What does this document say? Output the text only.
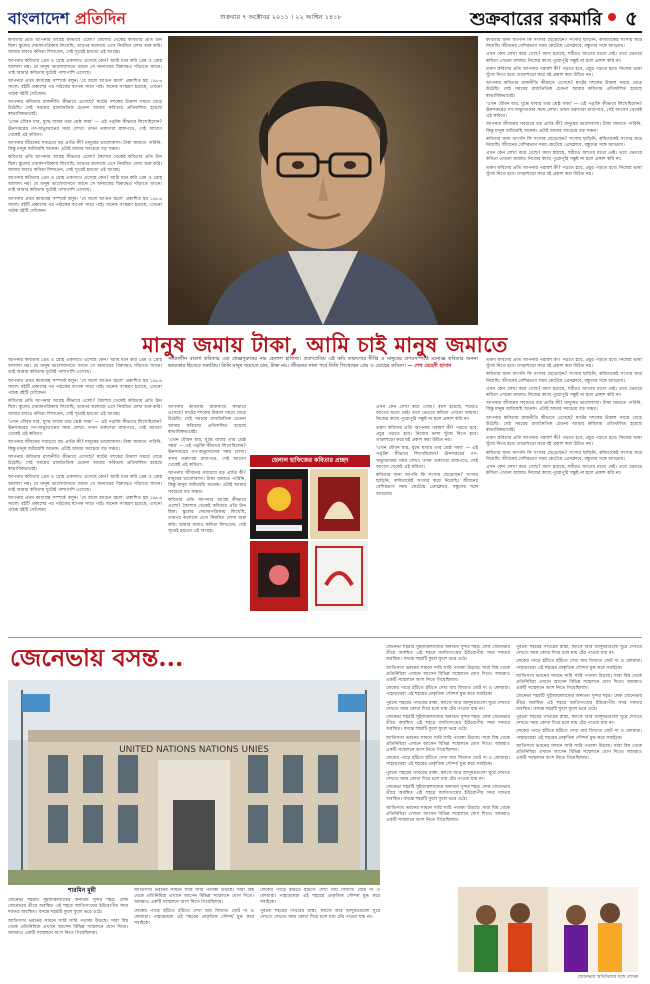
বাংলাদেশ প্রতিদিন	শুক্রবার ৭ অক্টোবর ২০১১ । ২২ আশ্বিন ১৪১৮	শুক্রবারের রকমারি ৫

কবিতার প্রতি আপনার আগ্রহ কীভাবে এলো? কৈশোর থেকেই কবিতার প্রতি টান ছিল। স্কুলের দেয়ালপত্রিকায় লিখেছি, তারপর কলেজে এসে নিয়মিত লেখা শুরু করি। আমার বাবাও কবিতা লিখতেন, সেই সূত্রেই হয়তো এই আগ্রহ।

আপনার কবিতায় প্রেম ও দ্রোহ একসাথে এসেছে কেন? আমি মনে করি প্রেম ও দ্রোহ আলাদা নয়। যে মানুষ ভালোবাসতে জানে সে অন্যায়ের বিরুদ্ধেও দাঁড়াতে জানে। তাই আমার কবিতায় দুটোই পাশাপাশি এসেছে।

আপনার প্রথম কাব্যগ্রন্থ সম্পর্কে বলুন। 'যে জলে আগুন জ্বলে' প্রকাশিত হয় ১৯৮৬ সালে। বইটি প্রকাশের পর পাঠকের ব্যাপক সাড়া পাই। অনেক সংস্করণ হয়েছে, এখনো পাঠক বইটি খোঁজেন।

আপনার কবিতায় রাজনীতি কীভাবে এসেছে? ষাটের দশকের উত্তাল সময়ে বেড়ে উঠেছি। সেই সময়ের রাজনৈতিক চেতনা আমার কবিতায় প্রতিফলিত হয়েছে স্বাভাবিকভাবেই।

'এখন যৌবন যার, যুদ্ধে যাবার তার শ্রেষ্ঠ সময়' — এই পঙ্‌ক্তি কীভাবে লিখেছিলেন? ঊনসত্তরের গণ-অভ্যুত্থানের সময় লেখা। তখন তরুণেরা রাজপথে, সেই আবেগ থেকেই এই কবিতা।

আপনার জীবনের সবচেয়ে বড় প্রাপ্তি কী? মানুষের ভালোবাসা। টাকা জমাতে পারিনি, কিন্তু মানুষ জমিয়েছি অনেক। এটাই আমার সবচেয়ে বড় সঞ্চয়।

কবিতার প্রতি আপনার আগ্রহ কীভাবে এলো? কৈশোর থেকেই কবিতার প্রতি টান ছিল। স্কুলের দেয়ালপত্রিকায় লিখেছি, তারপর কলেজে এসে নিয়মিত লেখা শুরু করি। আমার বাবাও কবিতা লিখতেন, সেই সূত্রেই হয়তো এই আগ্রহ।

আপনার কবিতায় প্রেম ও দ্রোহ একসাথে এসেছে কেন? আমি মনে করি প্রেম ও দ্রোহ আলাদা নয়। যে মানুষ ভালোবাসতে জানে সে অন্যায়ের বিরুদ্ধেও দাঁড়াতে জানে। তাই আমার কবিতায় দুটোই পাশাপাশি এসেছে।

আপনার প্রথম কাব্যগ্রন্থ সম্পর্কে বলুন। 'যে জলে আগুন জ্বলে' প্রকাশিত হয় ১৯৮৬ সালে। বইটি প্রকাশের পর পাঠকের ব্যাপক সাড়া পাই। অনেক সংস্করণ হয়েছে, এখনো পাঠক বইটি খোঁজেন।

কবিতার জন্য আপনি কি সংসার ছেড়েছেন? সংসার ছাড়িনি, কবিতাকেই সংসার করে নিয়েছি। জীবনের বেশিরভাগ সময় কেটেছে প্রেসক্লাবে, বন্ধুদের সঙ্গে আড্ডায়।

এখন কেন লেখা কমে গেছে? বয়স হয়েছে, শরীরও আগের মতো নেই। তবে ভেতরে কবিতা এখনো জন্মায়। নিজের কাছে পুরোপুরি সন্তুষ্ট না হলে প্রকাশ করি না।

তরুণ কবিদের প্রতি আপনার পরামর্শ কী? পড়তে হবে, প্রচুর পড়তে হবে। নিজের ভাষা খুঁজে নিতে হবে। তাড়াহুড়ো করে বই প্রকাশ করা উচিত নয়।

আপনার কবিতায় রাজনীতি কীভাবে এসেছে? ষাটের দশকের উত্তাল সময়ে বেড়ে উঠেছি। সেই সময়ের রাজনৈতিক চেতনা আমার কবিতায় প্রতিফলিত হয়েছে স্বাভাবিকভাবেই।

'এখন যৌবন যার, যুদ্ধে যাবার তার শ্রেষ্ঠ সময়' — এই পঙ্‌ক্তি কীভাবে লিখেছিলেন? ঊনসত্তরের গণ-অভ্যুত্থানের সময় লেখা। তখন তরুণেরা রাজপথে, সেই আবেগ থেকেই এই কবিতা।

আপনার জীবনের সবচেয়ে বড় প্রাপ্তি কী? মানুষের ভালোবাসা। টাকা জমাতে পারিনি, কিন্তু মানুষ জমিয়েছি অনেক। এটাই আমার সবচেয়ে বড় সঞ্চয়।

কবিতার জন্য আপনি কি সংসার ছেড়েছেন? সংসার ছাড়িনি, কবিতাকেই সংসার করে নিয়েছি। জীবনের বেশিরভাগ সময় কেটেছে প্রেসক্লাবে, বন্ধুদের সঙ্গে আড্ডায়।

এখন কেন লেখা কমে গেছে? বয়স হয়েছে, শরীরও আগের মতো নেই। তবে ভেতরে কবিতা এখনো জন্মায়। নিজের কাছে পুরোপুরি সন্তুষ্ট না হলে প্রকাশ করি না।

তরুণ কবিদের প্রতি আপনার পরামর্শ কী? পড়তে হবে, প্রচুর পড়তে হবে। নিজের ভাষা খুঁজে নিতে হবে। তাড়াহুড়ো করে বই প্রকাশ করা উচিত নয়।

মানুষ জমায় টাকা, আমি চাই মানুষ জমাতে
সমকালীন বাংলা কবিতার এক প্রাজ্ঞপুরুষের নাম হেলাল হাফিজ। প্রবাদপ্রতিম এই কবি তারুণ্যের দীপ্তি ও মানুষের প্রণয়সম্পর্কে মনোজ্ঞ কবিতার অনন্য ভাষ্যকার হিসেবে জনপ্রিয়। তিনি মানুষ জমাতে চান, টাকা নয়। জীবনের নানা পর্বে তিনি লিখেছেন প্রেম ও দ্রোহের কবিতা। — শেখ মেহেদী হাসান

আপনার কবিতায় প্রেম ও দ্রোহ একসাথে এসেছে কেন? আমি মনে করি প্রেম ও দ্রোহ আলাদা নয়। যে মানুষ ভালোবাসতে জানে সে অন্যায়ের বিরুদ্ধেও দাঁড়াতে জানে। তাই আমার কবিতায় দুটোই পাশাপাশি এসেছে।

আপনার প্রথম কাব্যগ্রন্থ সম্পর্কে বলুন। 'যে জলে আগুন জ্বলে' প্রকাশিত হয় ১৯৮৬ সালে। বইটি প্রকাশের পর পাঠকের ব্যাপক সাড়া পাই। অনেক সংস্করণ হয়েছে, এখনো পাঠক বইটি খোঁজেন।

কবিতার প্রতি আপনার আগ্রহ কীভাবে এলো? কৈশোর থেকেই কবিতার প্রতি টান ছিল। স্কুলের দেয়ালপত্রিকায় লিখেছি, তারপর কলেজে এসে নিয়মিত লেখা শুরু করি। আমার বাবাও কবিতা লিখতেন, সেই সূত্রেই হয়তো এই আগ্রহ।

'এখন যৌবন যার, যুদ্ধে যাবার তার শ্রেষ্ঠ সময়' — এই পঙ্‌ক্তি কীভাবে লিখেছিলেন? ঊনসত্তরের গণ-অভ্যুত্থানের সময় লেখা। তখন তরুণেরা রাজপথে, সেই আবেগ থেকেই এই কবিতা।

আপনার জীবনের সবচেয়ে বড় প্রাপ্তি কী? মানুষের ভালোবাসা। টাকা জমাতে পারিনি, কিন্তু মানুষ জমিয়েছি অনেক। এটাই আমার সবচেয়ে বড় সঞ্চয়।

আপনার কবিতায় রাজনীতি কীভাবে এসেছে? ষাটের দশকের উত্তাল সময়ে বেড়ে উঠেছি। সেই সময়ের রাজনৈতিক চেতনা আমার কবিতায় প্রতিফলিত হয়েছে স্বাভাবিকভাবেই।

আপনার কবিতায় প্রেম ও দ্রোহ একসাথে এসেছে কেন? আমি মনে করি প্রেম ও দ্রোহ আলাদা নয়। যে মানুষ ভালোবাসতে জানে সে অন্যায়ের বিরুদ্ধেও দাঁড়াতে জানে। তাই আমার কবিতায় দুটোই পাশাপাশি এসেছে।

আপনার প্রথম কাব্যগ্রন্থ সম্পর্কে বলুন। 'যে জলে আগুন জ্বলে' প্রকাশিত হয় ১৯৮৬ সালে। বইটি প্রকাশের পর পাঠকের ব্যাপক সাড়া পাই। অনেক সংস্করণ হয়েছে, এখনো পাঠক বইটি খোঁজেন।

আপনার কবিতায় রাজনীতি কীভাবে এসেছে? ষাটের দশকের উত্তাল সময়ে বেড়ে উঠেছি। সেই সময়ের রাজনৈতিক চেতনা আমার কবিতায় প্রতিফলিত হয়েছে স্বাভাবিকভাবেই।

'এখন যৌবন যার, যুদ্ধে যাবার তার শ্রেষ্ঠ সময়' — এই পঙ্‌ক্তি কীভাবে লিখেছিলেন? ঊনসত্তরের গণ-অভ্যুত্থানের সময় লেখা। তখন তরুণেরা রাজপথে, সেই আবেগ থেকেই এই কবিতা।

আপনার জীবনের সবচেয়ে বড় প্রাপ্তি কী? মানুষের ভালোবাসা। টাকা জমাতে পারিনি, কিন্তু মানুষ জমিয়েছি অনেক। এটাই আমার সবচেয়ে বড় সঞ্চয়।

কবিতার প্রতি আপনার আগ্রহ কীভাবে এলো? কৈশোর থেকেই কবিতার প্রতি টান ছিল। স্কুলের দেয়ালপত্রিকায় লিখেছি, তারপর কলেজে এসে নিয়মিত লেখা শুরু করি। আমার বাবাও কবিতা লিখতেন, সেই সূত্রেই হয়তো এই আগ্রহ।

এখন কেন লেখা কমে গেছে? বয়স হয়েছে, শরীরও আগের মতো নেই। তবে ভেতরে কবিতা এখনো জন্মায়। নিজের কাছে পুরোপুরি সন্তুষ্ট না হলে প্রকাশ করি না।

তরুণ কবিদের প্রতি আপনার পরামর্শ কী? পড়তে হবে, প্রচুর পড়তে হবে। নিজের ভাষা খুঁজে নিতে হবে। তাড়াহুড়ো করে বই প্রকাশ করা উচিত নয়।

'এখন যৌবন যার, যুদ্ধে যাবার তার শ্রেষ্ঠ সময়' — এই পঙ্‌ক্তি কীভাবে লিখেছিলেন? ঊনসত্তরের গণ-অভ্যুত্থানের সময় লেখা। তখন তরুণেরা রাজপথে, সেই আবেগ থেকেই এই কবিতা।

কবিতার জন্য আপনি কি সংসার ছেড়েছেন? সংসার ছাড়িনি, কবিতাকেই সংসার করে নিয়েছি। জীবনের বেশিরভাগ সময় কেটেছে প্রেসক্লাবে, বন্ধুদের সঙ্গে আড্ডায়।

তরুণ কবিদের প্রতি আপনার পরামর্শ কী? পড়তে হবে, প্রচুর পড়তে হবে। নিজের ভাষা খুঁজে নিতে হবে। তাড়াহুড়ো করে বই প্রকাশ করা উচিত নয়।

কবিতার জন্য আপনি কি সংসার ছেড়েছেন? সংসার ছাড়িনি, কবিতাকেই সংসার করে নিয়েছি। জীবনের বেশিরভাগ সময় কেটেছে প্রেসক্লাবে, বন্ধুদের সঙ্গে আড্ডায়।

এখন কেন লেখা কমে গেছে? বয়স হয়েছে, শরীরও আগের মতো নেই। তবে ভেতরে কবিতা এখনো জন্মায়। নিজের কাছে পুরোপুরি সন্তুষ্ট না হলে প্রকাশ করি না।

আপনার জীবনের সবচেয়ে বড় প্রাপ্তি কী? মানুষের ভালোবাসা। টাকা জমাতে পারিনি, কিন্তু মানুষ জমিয়েছি অনেক। এটাই আমার সবচেয়ে বড় সঞ্চয়।

আপনার কবিতায় রাজনীতি কীভাবে এসেছে? ষাটের দশকের উত্তাল সময়ে বেড়ে উঠেছি। সেই সময়ের রাজনৈতিক চেতনা আমার কবিতায় প্রতিফলিত হয়েছে স্বাভাবিকভাবেই।

তরুণ কবিদের প্রতি আপনার পরামর্শ কী? পড়তে হবে, প্রচুর পড়তে হবে। নিজের ভাষা খুঁজে নিতে হবে। তাড়াহুড়ো করে বই প্রকাশ করা উচিত নয়।

কবিতার জন্য আপনি কি সংসার ছেড়েছেন? সংসার ছাড়িনি, কবিতাকেই সংসার করে নিয়েছি। জীবনের বেশিরভাগ সময় কেটেছে প্রেসক্লাবে, বন্ধুদের সঙ্গে আড্ডায়।

এখন কেন লেখা কমে গেছে? বয়স হয়েছে, শরীরও আগের মতো নেই। তবে ভেতরে কবিতা এখনো জন্মায়। নিজের কাছে পুরোপুরি সন্তুষ্ট না হলে প্রকাশ করি না।

হেলাল হাফিজের কবিতার প্রচ্ছদ
জেনেভায় বসন্ত...
UNITED NATIONS NATIONS UNIES
শারমিন মুন্নী

জেনেভা শহরটি সুইজারল্যান্ডের অন্যতম সুন্দর শহর। লেক জেনেভার তীরে অবস্থিত এই শহরে জাতিসংঘের ইউরোপীয় সদর দফতর অবস্থিত। বসন্তে শহরটি ফুলে ফুলে ভরে ওঠে।

জাতিসংঘ ভবনের সামনে সারি সারি পতাকা উড়ছে। সারা বিশ্ব থেকে প্রতিনিধিরা এখানে আসেন বিভিন্ন সম্মেলনে যোগ দিতে। আমরাও একটি সম্মেলনে অংশ নিতে গিয়েছিলাম।

জাতিসংঘ ভবনের সামনে সারি সারি পতাকা উড়ছে। সারা বিশ্ব থেকে প্রতিনিধিরা এখানে আসেন বিভিন্ন সম্মেলনে যোগ দিতে। আমরাও একটি সম্মেলনে অংশ নিতে গিয়েছিলাম।

লেকের পাড়ে হাঁটতে হাঁটতে দেখা যায় বিখ্যাত জেট দ্য ও ফোয়ারা। পাহাড়ঘেরা এই শহরের প্রাকৃতিক সৌন্দর্য মুগ্ধ করে সবাইকে।

লেকের পাড়ে হাঁটতে হাঁটতে দেখা যায় বিখ্যাত জেট দ্য ও ফোয়ারা। পাহাড়ঘেরা এই শহরের প্রাকৃতিক সৌন্দর্য মুগ্ধ করে সবাইকে।

পুরনো শহরের পাথরের রাস্তা, ক্যাফে আর জাদুঘরগুলো ঘুরে দেখতে দেখতে সময় কোথা দিয়ে চলে যায় টের পাওয়া যায় না।

জেনেভা শহরটি সুইজারল্যান্ডের অন্যতম সুন্দর শহর। লেক জেনেভার তীরে অবস্থিত এই শহরে জাতিসংঘের ইউরোপীয় সদর দফতর অবস্থিত। বসন্তে শহরটি ফুলে ফুলে ভরে ওঠে।

জাতিসংঘ ভবনের সামনে সারি সারি পতাকা উড়ছে। সারা বিশ্ব থেকে প্রতিনিধিরা এখানে আসেন বিভিন্ন সম্মেলনে যোগ দিতে। আমরাও একটি সম্মেলনে অংশ নিতে গিয়েছিলাম।

লেকের পাড়ে হাঁটতে হাঁটতে দেখা যায় বিখ্যাত জেট দ্য ও ফোয়ারা। পাহাড়ঘেরা এই শহরের প্রাকৃতিক সৌন্দর্য মুগ্ধ করে সবাইকে।

পুরনো শহরের পাথরের রাস্তা, ক্যাফে আর জাদুঘরগুলো ঘুরে দেখতে দেখতে সময় কোথা দিয়ে চলে যায় টের পাওয়া যায় না।

জেনেভা শহরটি সুইজারল্যান্ডের অন্যতম সুন্দর শহর। লেক জেনেভার তীরে অবস্থিত এই শহরে জাতিসংঘের ইউরোপীয় সদর দফতর অবস্থিত। বসন্তে শহরটি ফুলে ফুলে ভরে ওঠে।

জাতিসংঘ ভবনের সামনে সারি সারি পতাকা উড়ছে। সারা বিশ্ব থেকে প্রতিনিধিরা এখানে আসেন বিভিন্ন সম্মেলনে যোগ দিতে। আমরাও একটি সম্মেলনে অংশ নিতে গিয়েছিলাম।

লেকের পাড়ে হাঁটতে হাঁটতে দেখা যায় বিখ্যাত জেট দ্য ও ফোয়ারা। পাহাড়ঘেরা এই শহরের প্রাকৃতিক সৌন্দর্য মুগ্ধ করে সবাইকে।

পুরনো শহরের পাথরের রাস্তা, ক্যাফে আর জাদুঘরগুলো ঘুরে দেখতে দেখতে সময় কোথা দিয়ে চলে যায় টের পাওয়া যায় না।

জেনেভা শহরটি সুইজারল্যান্ডের অন্যতম সুন্দর শহর। লেক জেনেভার তীরে অবস্থিত এই শহরে জাতিসংঘের ইউরোপীয় সদর দফতর অবস্থিত। বসন্তে শহরটি ফুলে ফুলে ভরে ওঠে।

জাতিসংঘ ভবনের সামনে সারি সারি পতাকা উড়ছে। সারা বিশ্ব থেকে প্রতিনিধিরা এখানে আসেন বিভিন্ন সম্মেলনে যোগ দিতে। আমরাও একটি সম্মেলনে অংশ নিতে গিয়েছিলাম।

পুরনো শহরের পাথরের রাস্তা, ক্যাফে আর জাদুঘরগুলো ঘুরে দেখতে দেখতে সময় কোথা দিয়ে চলে যায় টের পাওয়া যায় না।

লেকের পাড়ে হাঁটতে হাঁটতে দেখা যায় বিখ্যাত জেট দ্য ও ফোয়ারা। পাহাড়ঘেরা এই শহরের প্রাকৃতিক সৌন্দর্য মুগ্ধ করে সবাইকে।

জাতিসংঘ ভবনের সামনে সারি সারি পতাকা উড়ছে। সারা বিশ্ব থেকে প্রতিনিধিরা এখানে আসেন বিভিন্ন সম্মেলনে যোগ দিতে। আমরাও একটি সম্মেলনে অংশ নিতে গিয়েছিলাম।

জেনেভা শহরটি সুইজারল্যান্ডের অন্যতম সুন্দর শহর। লেক জেনেভার তীরে অবস্থিত এই শহরে জাতিসংঘের ইউরোপীয় সদর দফতর অবস্থিত। বসন্তে শহরটি ফুলে ফুলে ভরে ওঠে।

পুরনো শহরের পাথরের রাস্তা, ক্যাফে আর জাদুঘরগুলো ঘুরে দেখতে দেখতে সময় কোথা দিয়ে চলে যায় টের পাওয়া যায় না।

লেকের পাড়ে হাঁটতে হাঁটতে দেখা যায় বিখ্যাত জেট দ্য ও ফোয়ারা। পাহাড়ঘেরা এই শহরের প্রাকৃতিক সৌন্দর্য মুগ্ধ করে সবাইকে।

জাতিসংঘ ভবনের সামনে সারি সারি পতাকা উড়ছে। সারা বিশ্ব থেকে প্রতিনিধিরা এখানে আসেন বিভিন্ন সম্মেলনে যোগ দিতে। আমরাও একটি সম্মেলনে অংশ নিতে গিয়েছিলাম।

জেনেভায় অতিথিদের সঙ্গে লেখক
